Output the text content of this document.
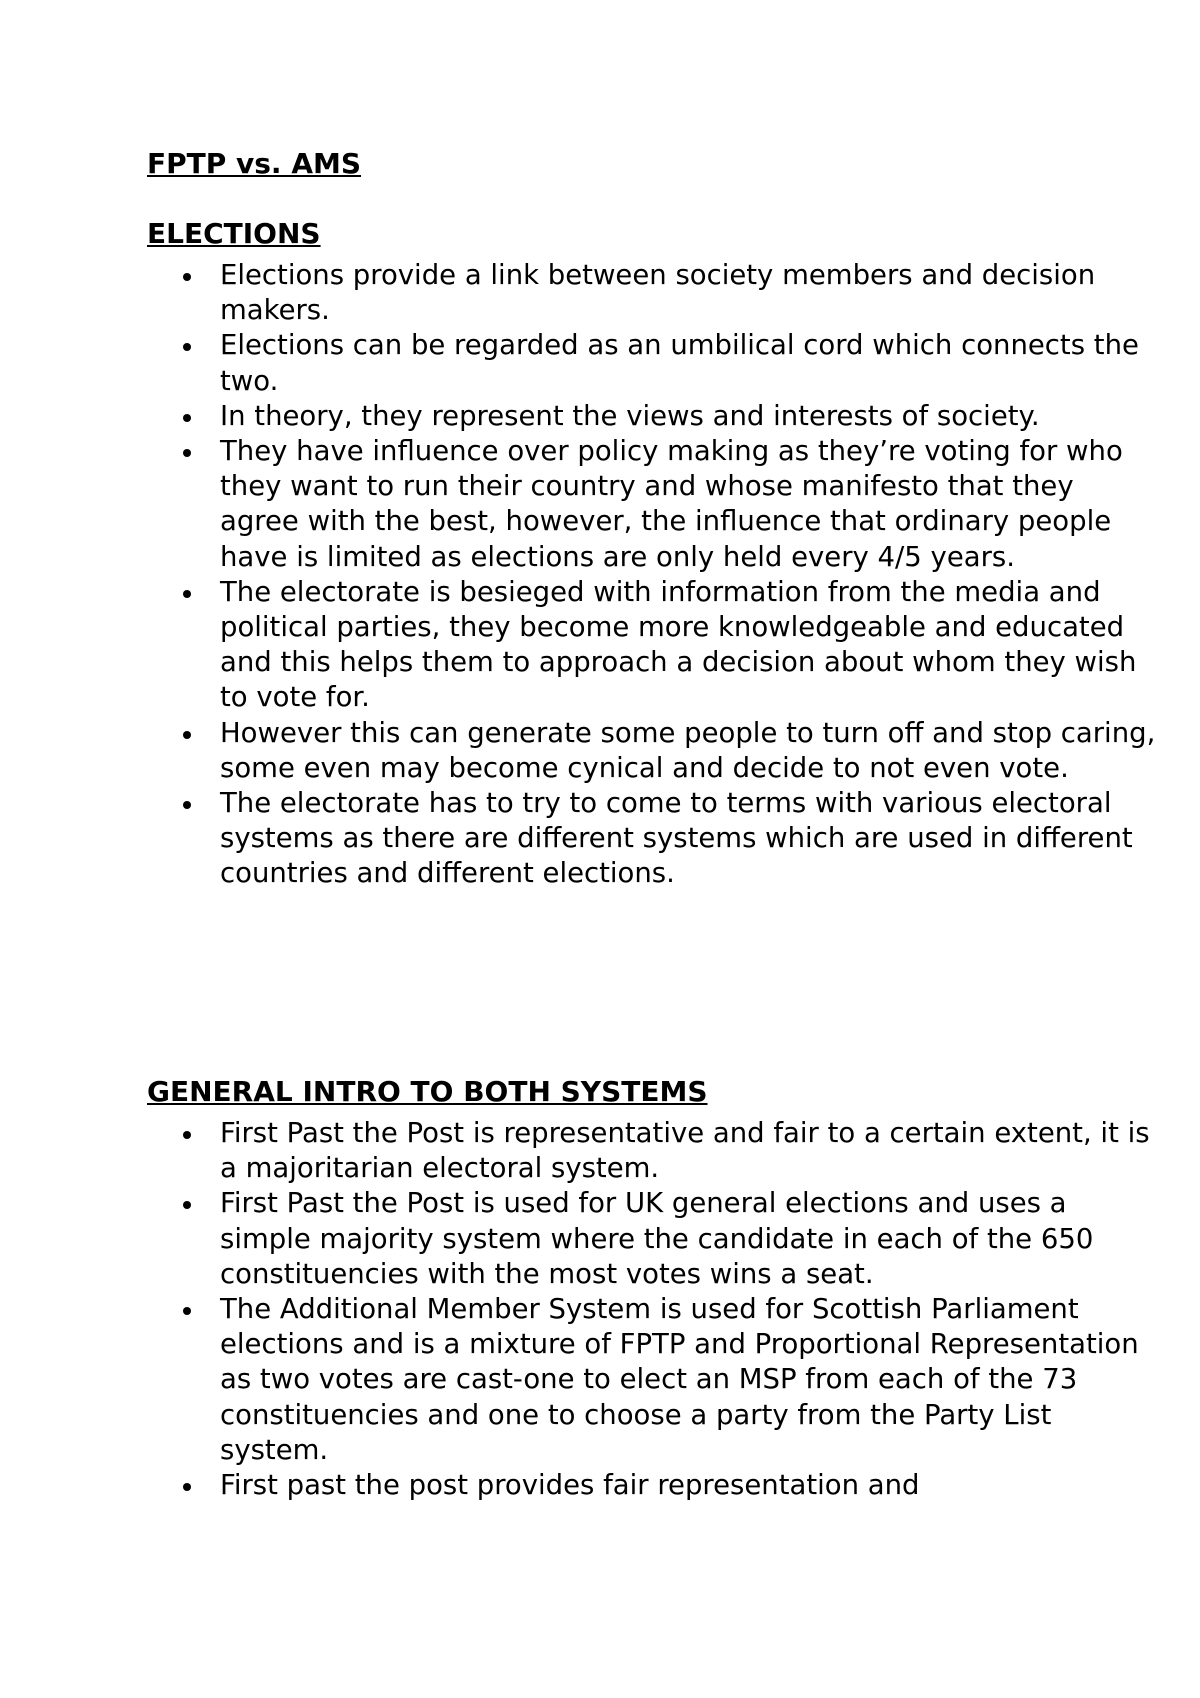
FPTP vs. AMS
ELECTIONS
Elections provide a link between society members and decision makers.
Elections can be regarded as an umbilical cord which connects the two.
In theory, they represent the views and interests of society.
They have influence over policy making as they’re voting for who they want to run their country and whose manifesto that they agree with the best, however, the influence that ordinary people have is limited as elections are only held every 4/5 years.
The electorate is besieged with information from the media and political parties, they become more knowledgeable and educated and this helps them to approach a decision about whom they wish to vote for.
However this can generate some people to turn off and stop caring, some even may become cynical and decide to not even vote.
The electorate has to try to come to terms with various electoral systems as there are different systems which are used in different countries and different elections.
GENERAL INTRO TO BOTH SYSTEMS
First Past the Post is representative and fair to a certain extent, it is a majoritarian electoral system.
First Past the Post is used for UK general elections and uses a simple majority system where the candidate in each of the 650 constituencies with the most votes wins a seat.
The Additional Member System is used for Scottish Parliament elections and is a mixture of FPTP and Proportional Representation as two votes are cast-one to elect an MSP from each of the 73 constituencies and one to choose a party from the Party List system.
First past the post provides fair representation and
